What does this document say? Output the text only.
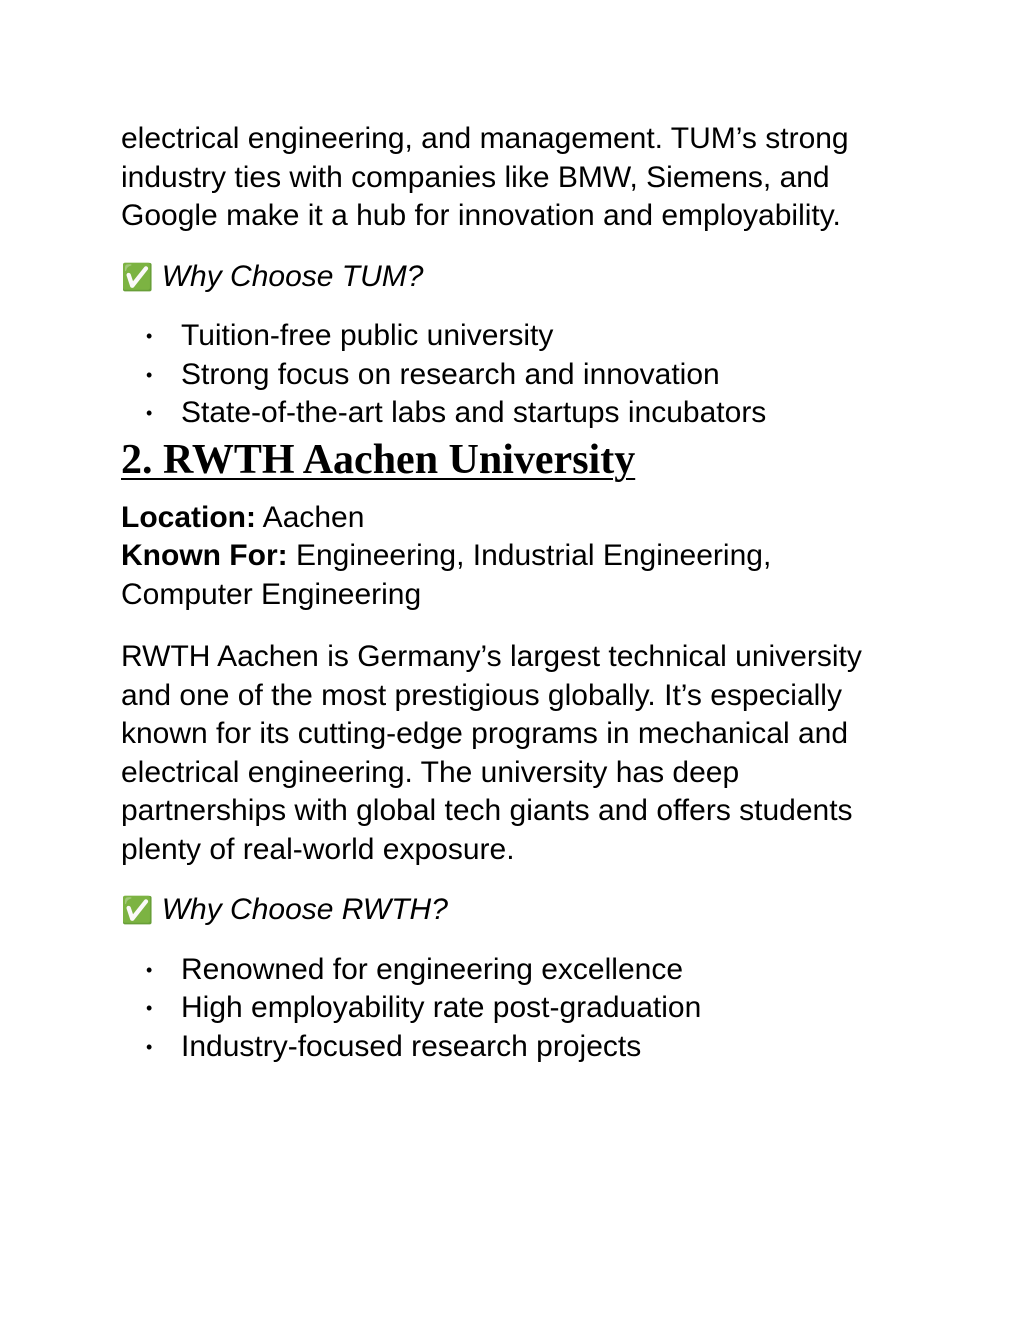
electrical engineering, and management. TUM’s strong industry ties with companies like BMW, Siemens, and Google make it a hub for innovation and employability.

✅ Why Choose TUM?

• Tuition-free public university
• Strong focus on research and innovation
• State-of-the-art labs and startups incubators
2. RWTH Aachen University

Location: Aachen
Known For: Engineering, Industrial Engineering, Computer Engineering

RWTH Aachen is Germany’s largest technical university and one of the most prestigious globally. It’s especially known for its cutting-edge programs in mechanical and electrical engineering. The university has deep partnerships with global tech giants and offers students plenty of real-world exposure.

✅ Why Choose RWTH?

• Renowned for engineering excellence
• High employability rate post-graduation
• Industry-focused research projects
